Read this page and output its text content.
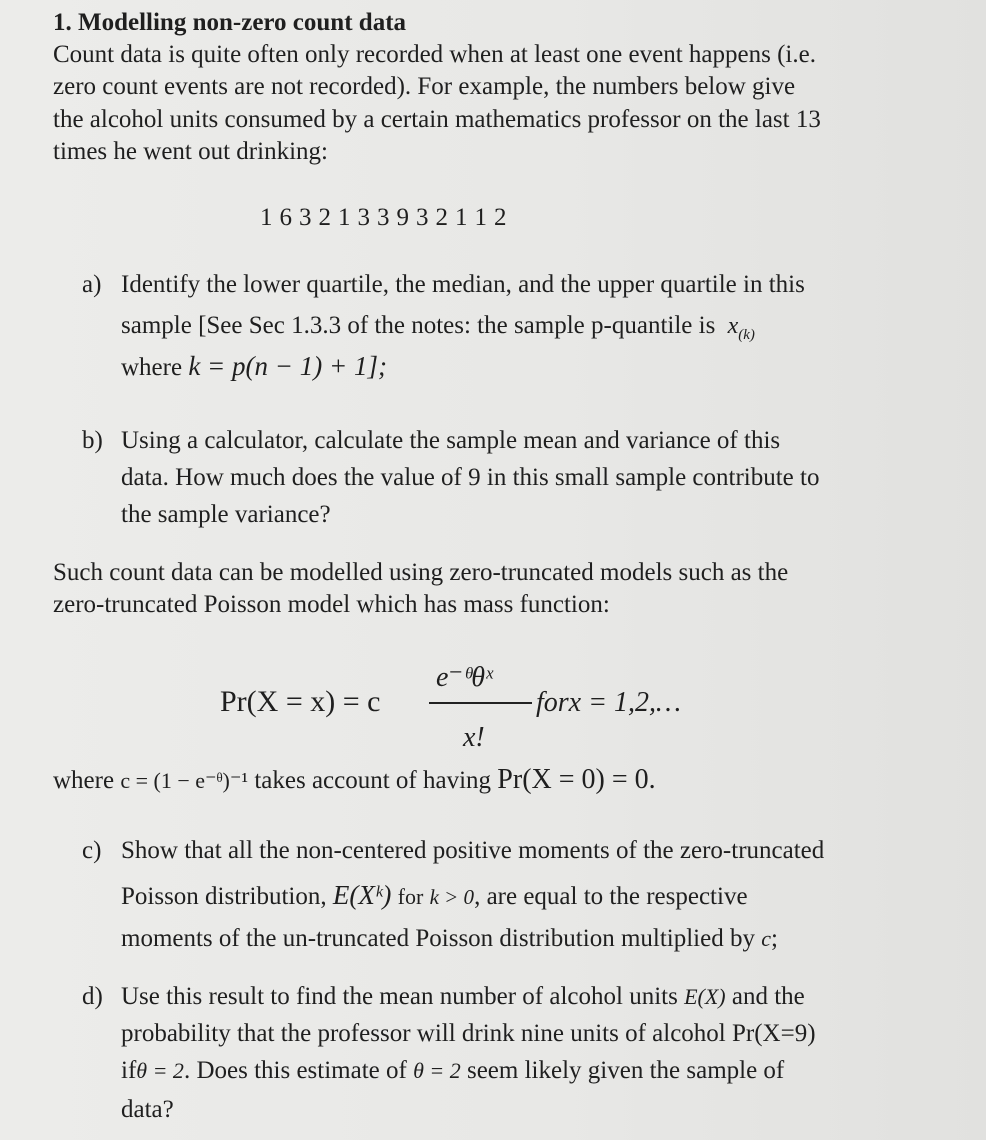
1. Modelling non-zero count data
Count data is quite often only recorded when at least one event happens (i.e.
zero count events are not recorded). For example, the numbers below give
the alcohol units consumed by a certain mathematics professor on the last 13
times he went out drinking:
1 6 3 2 1 3 3 9 3 2 1 1 2
a) Identify the lower quartile, the median, and the upper quartile in this
sample [See Sec 1.3.3 of the notes: the sample p-quantile is $x_{(k)}$
where k = p(n − 1) + 1];
b) Using a calculator, calculate the sample mean and variance of this
data. How much does the value of 9 in this small sample contribute to
the sample variance?
Such count data can be modelled using zero-truncated models such as the
zero-truncated Poisson model which has mass function:
Pr(X = x) = c
e⁻ᶿθˣ
x!
forx = 1,2,…
where c = (1 − e⁻ᶿ)⁻¹ takes account of having Pr(X = 0) = 0.
c) Show that all the non-centered positive moments of the zero-truncated
Poisson distribution, E(Xᵏ) for k > 0, are equal to the respective
moments of the un-truncated Poisson distribution multiplied by c;
d) Use this result to find the mean number of alcohol units E(X) and the
probability that the professor will drink nine units of alcohol Pr(X=9)
ifθ = 2. Does this estimate of θ = 2 seem likely given the sample of
data?
